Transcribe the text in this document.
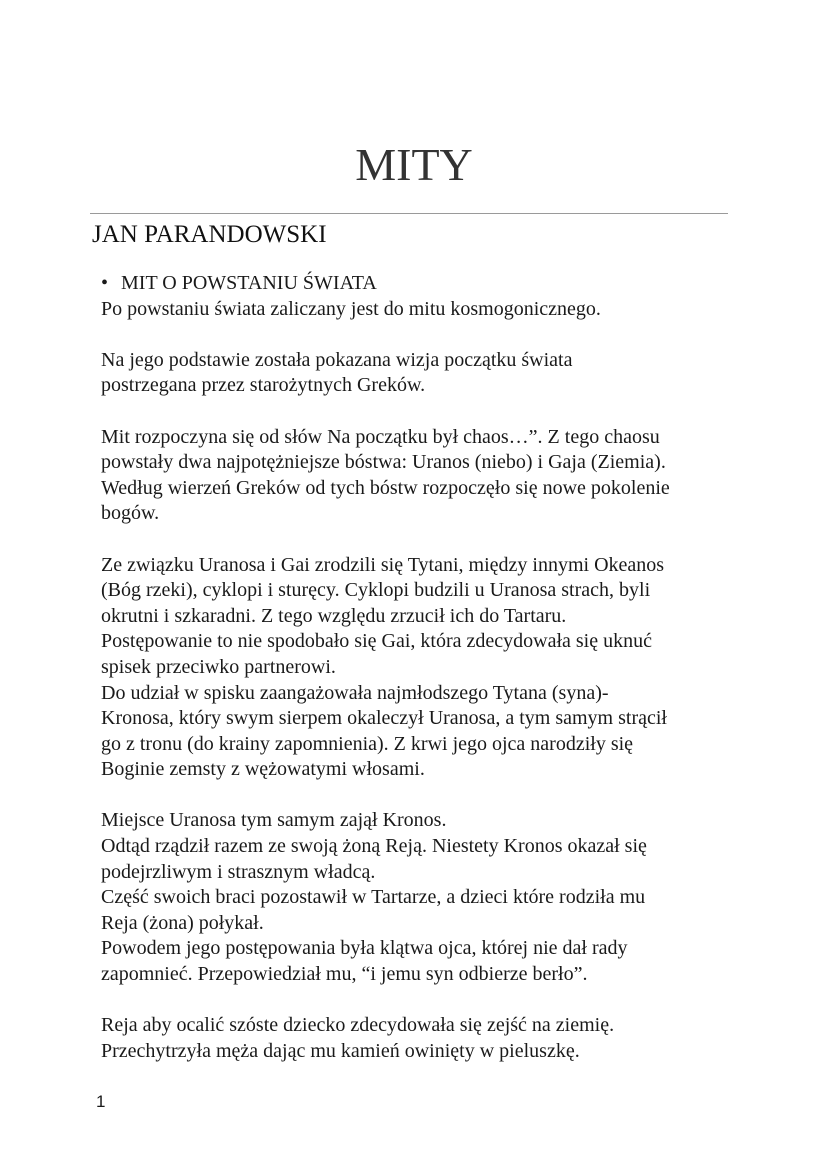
MITY
JAN PARANDOWSKI
• MIT O POWSTANIU ŚWIATA
Po powstaniu świata zaliczany jest do mitu kosmogonicznego.
Na jego podstawie została pokazana wizja początku świata
postrzegana przez starożytnych Greków.
Mit rozpoczyna się od słów Na początku był chaos…”. Z tego chaosu
powstały dwa najpotężniejsze bóstwa: Uranos (niebo) i Gaja (Ziemia).
Według wierzeń Greków od tych bóstw rozpoczęło się nowe pokolenie
bogów.
Ze związku Uranosa i Gai zrodzili się Tytani, między innymi Okeanos
(Bóg rzeki), cyklopi i sturęcy. Cyklopi budzili u Uranosa strach, byli
okrutni i szkaradni. Z tego względu zrzucił ich do Tartaru.
Postępowanie to nie spodobało się Gai, która zdecydowała się uknuć
spisek przeciwko partnerowi.
Do udział w spisku zaangażowała najmłodszego Tytana (syna)-
Kronosa, który swym sierpem okaleczył Uranosa, a tym samym strącił
go z tronu (do krainy zapomnienia). Z krwi jego ojca narodziły się
Boginie zemsty z wężowatymi włosami.
Miejsce Uranosa tym samym zajął Kronos.
Odtąd rządził razem ze swoją żoną Reją. Niestety Kronos okazał się
podejrzliwym i strasznym władcą.
Część swoich braci pozostawił w Tartarze, a dzieci które rodziła mu
Reja (żona) połykał.
Powodem jego postępowania była klątwa ojca, której nie dał rady
zapomnieć. Przepowiedział mu, “i jemu syn odbierze berło”.
Reja aby ocalić szóste dziecko zdecydowała się zejść na ziemię.
Przechytrzyła męża dając mu kamień owinięty w pieluszkę.
1
